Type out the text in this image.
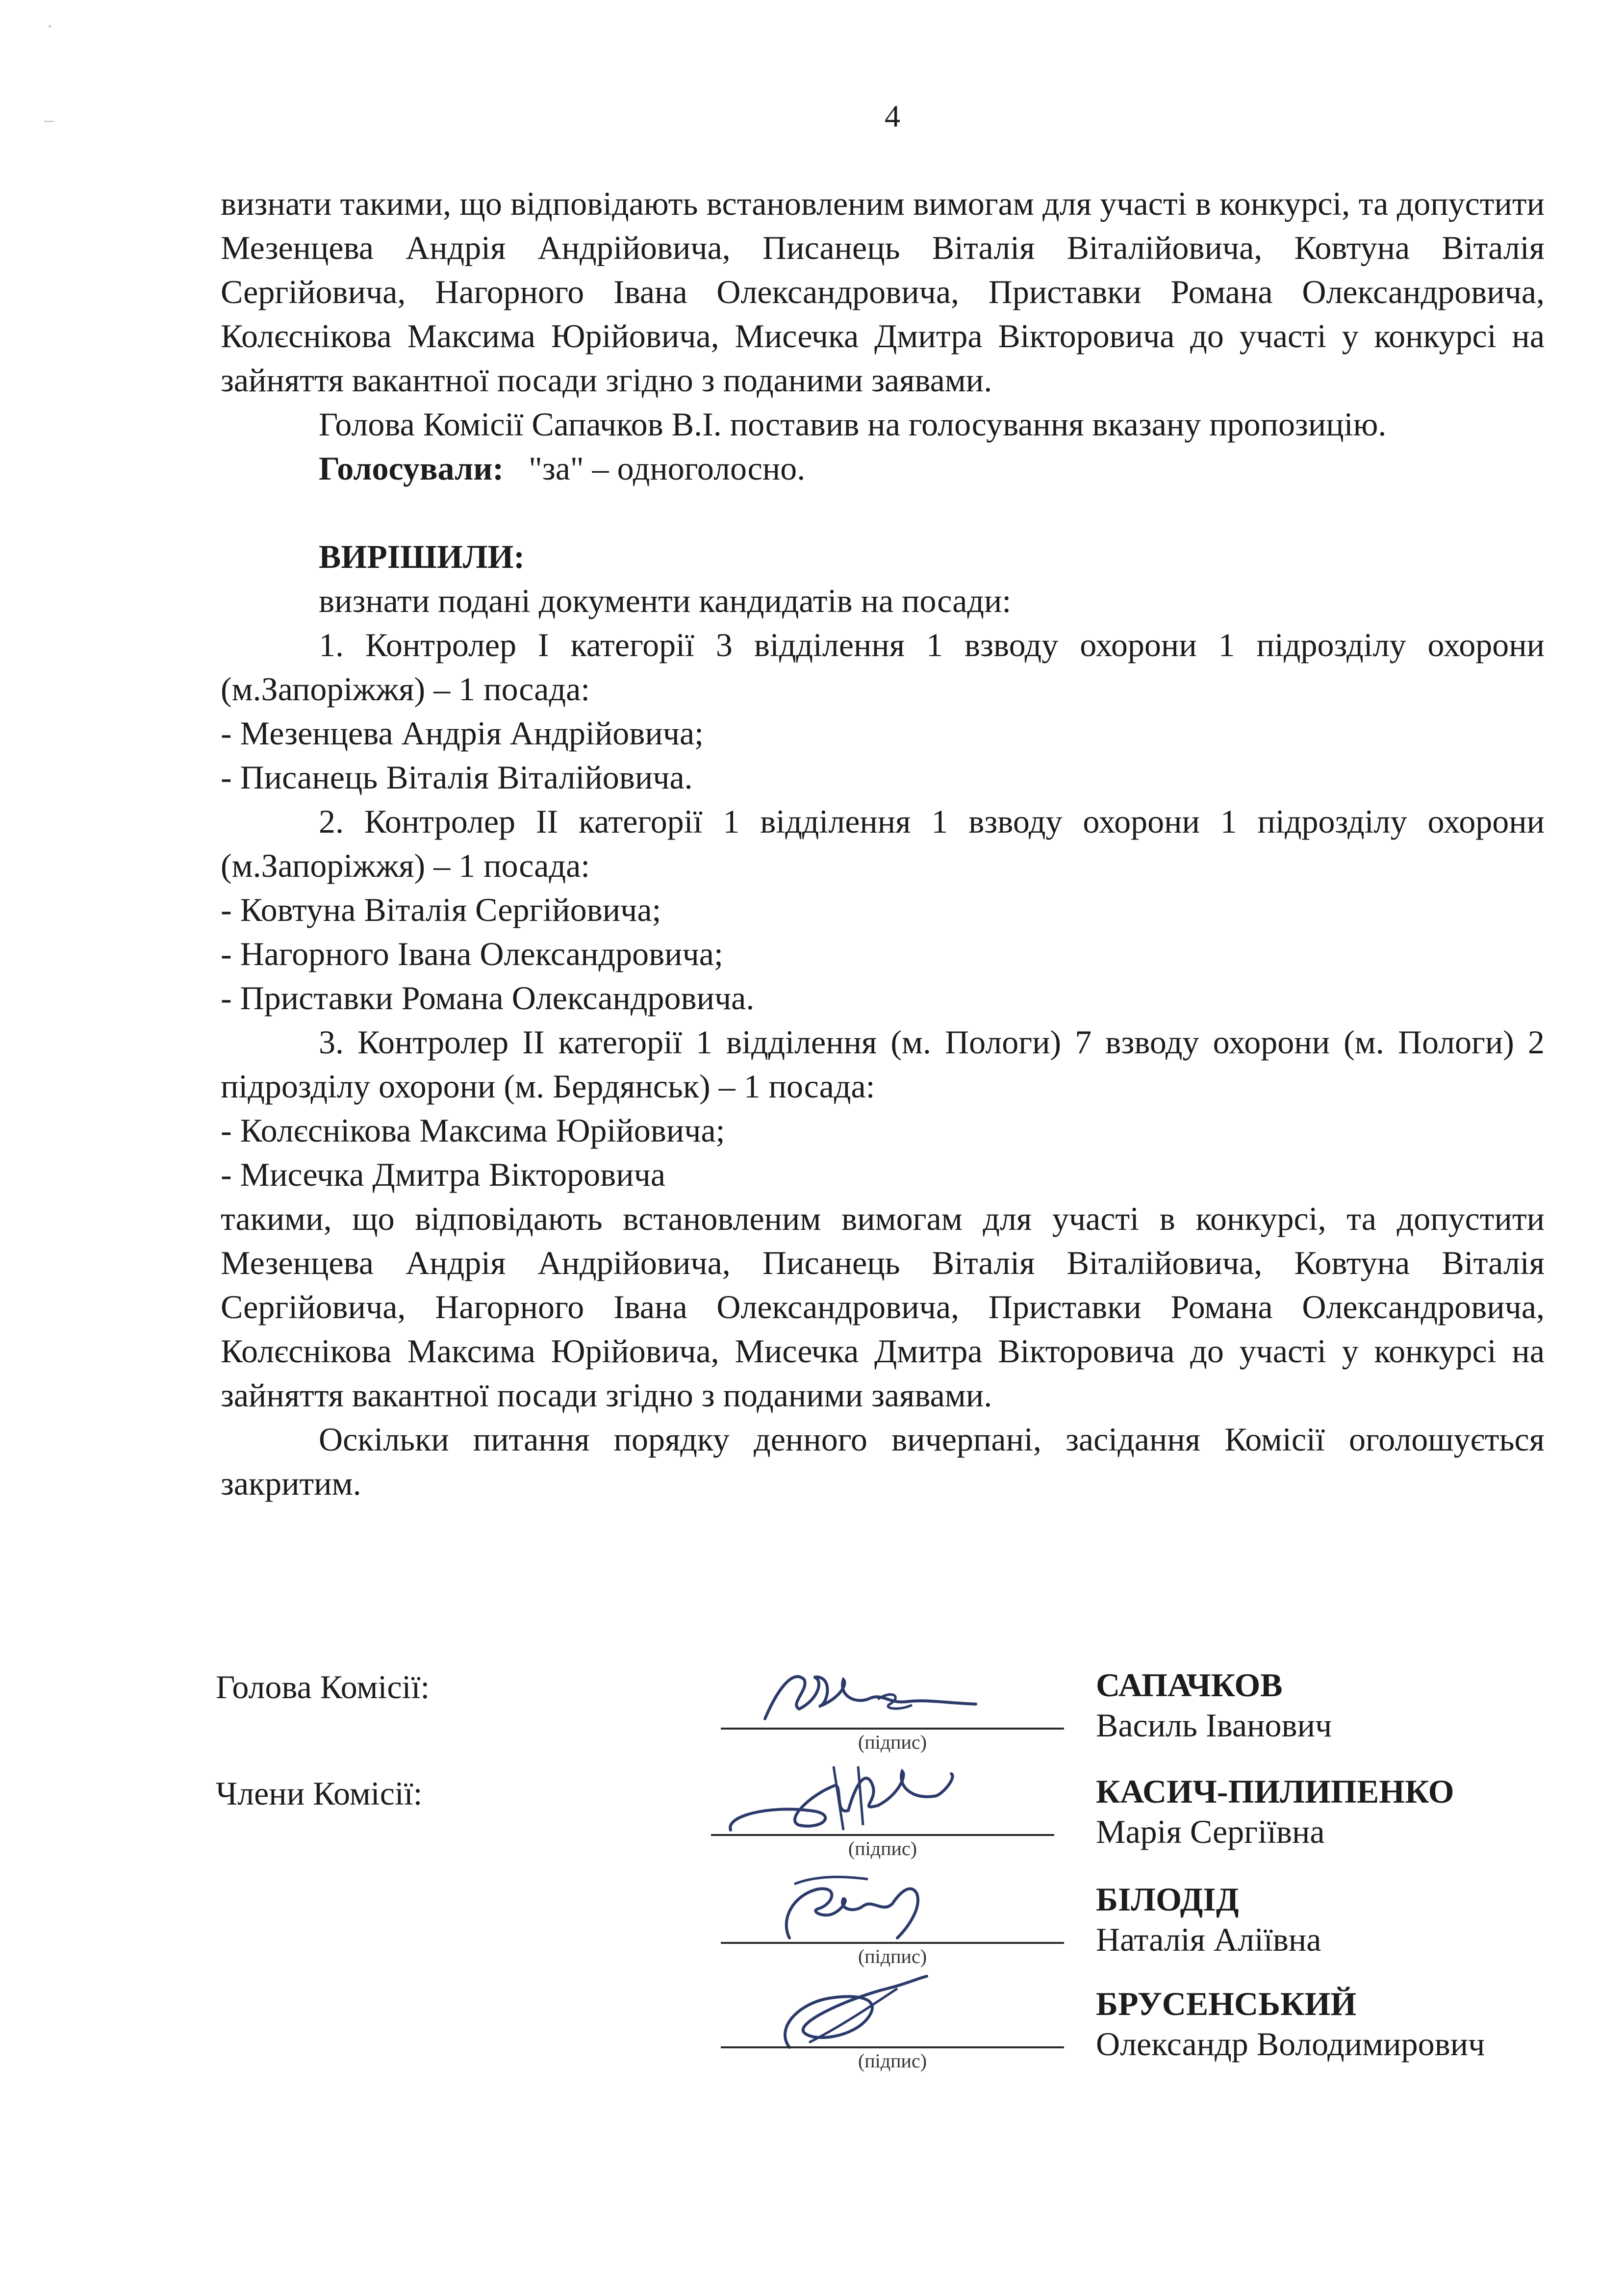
·
–	4

визнати такими, що відповідають встановленим вимогам для участі в конкурсі, та допустити Мезенцева Андрія Андрійовича, Писанець Віталія Віталійовича, Ковтуна Віталія Сергійовича, Нагорного Івана Олександровича, Приставки Романа Олександровича, Колєснікова Максима Юрійовича, Мисечка Дмитра Вікторовича до участі у конкурсі на зайняття вакантної посади згідно з поданими заявами.

Голова Комісії Сапачков В.І. поставив на голосування вказану пропозицію.

Голосували: "за" – одноголосно.

ВИРІШИЛИ:

визнати подані документи кандидатів на посади:

1. Контролер І категорії 3 відділення 1 взводу охорони 1 підрозділу охорони (м.Запоріжжя) – 1 посада:

- Мезенцева Андрія Андрійовича;

- Писанець Віталія Віталійовича.

2. Контролер ІІ категорії 1 відділення 1 взводу охорони 1 підрозділу охорони (м.Запоріжжя) – 1 посада:

- Ковтуна Віталія Сергійовича;

- Нагорного Івана Олександровича;

- Приставки Романа Олександровича.

3. Контролер ІІ категорії 1 відділення (м. Пологи) 7 взводу охорони (м. Пологи) 2 підрозділу охорони (м. Бердянськ) – 1 посада:

- Колєснікова Максима Юрійовича;

- Мисечка Дмитра Вікторовича

такими, що відповідають встановленим вимогам для участі в конкурсі, та допустити Мезенцева Андрія Андрійовича, Писанець Віталія Віталійовича, Ковтуна Віталія Сергійовича, Нагорного Івана Олександровича, Приставки Романа Олександровича, Колєснікова Максима Юрійовича, Мисечка Дмитра Вікторовича до участі у конкурсі на зайняття вакантної посади згідно з поданими заявами.

Оскільки питання порядку денного вичерпані, засідання Комісії оголошується закритим.

Голова Комісії:
(підпис)
САПАЧКОВ
Василь Іванович
Члени Комісії:
(підпис)
КАСИЧ-ПИЛИПЕНКО
Марія Сергіївна
(підпис)
БІЛОДІД
Наталія Аліївна
(підпис)
БРУСЕНСЬКИЙ
Олександр Володимирович
